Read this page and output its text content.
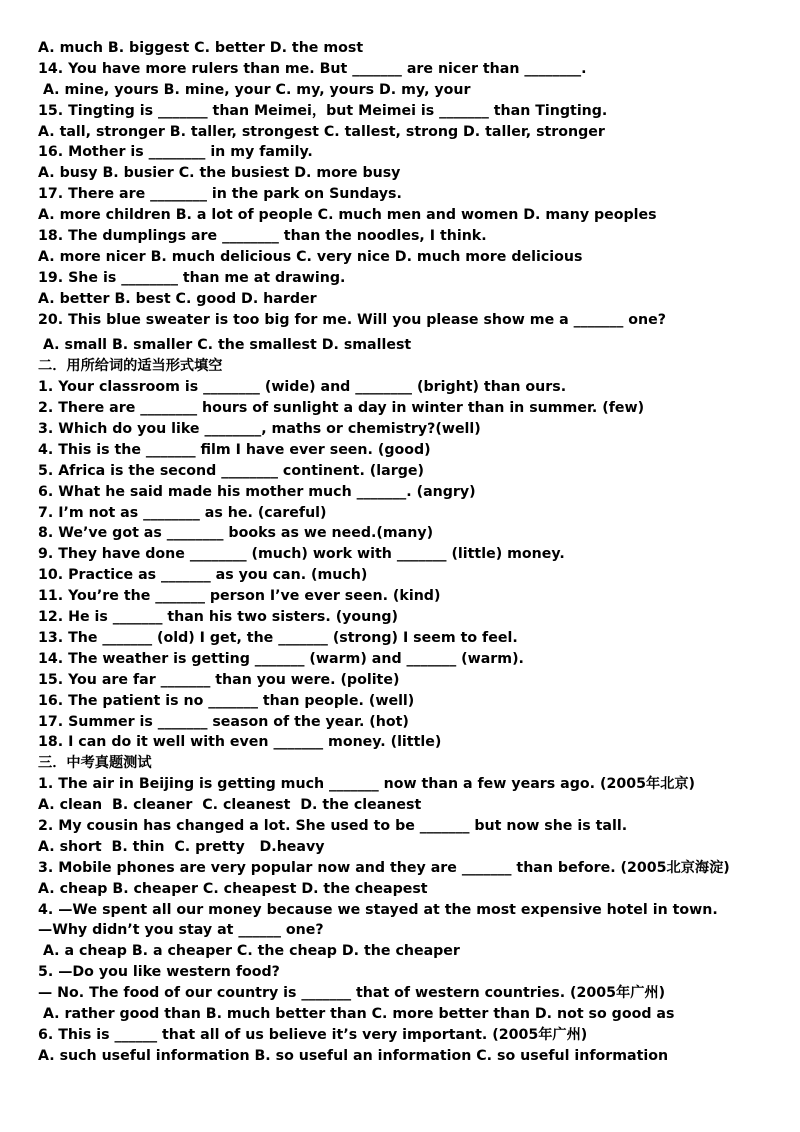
A. much B. biggest C. better D. the most
14. You have more rulers than me. But _______ are nicer than ________.
A. mine, yours B. mine, your C. my, yours D. my, your
15. Tingting is _______ than Meimei，but Meimei is _______ than Tingting.
A. tall, stronger B. taller, strongest C. tallest, strong D. taller, stronger
16. Mother is ________ in my family.
A. busy B. busier C. the busiest D. more busy
17. There are ________ in the park on Sundays.
A. more children B. a lot of people C. much men and women D. many peoples
18. The dumplings are ________ than the noodles, I think.
A. more nicer B. much delicious C. very nice D. much more delicious
19. She is ________ than me at drawing.
A. better B. best C. good D. harder
20. This blue sweater is too big for me. Will you please show me a _______ one?
A. small B. smaller C. the smallest D. smallest
二．用所给词的适当形式填空
1. Your classroom is ________ (wide) and ________ (bright) than ours.
2. There are ________ hours of sunlight a day in winter than in summer. (few)
3. Which do you like ________, maths or chemistry?(well)
4. This is the _______ film I have ever seen. (good)
5. Africa is the second ________ continent. (large)
6. What he said made his mother much _______. (angry)
7. I’m not as ________ as he. (careful)
8. We’ve got as ________ books as we need.(many)
9. They have done ________ (much) work with _______ (little) money.
10. Practice as _______ as you can. (much)
11. You’re the _______ person I’ve ever seen. (kind)
12. He is _______ than his two sisters. (young)
13. The _______ (old) I get, the _______ (strong) I seem to feel.
14. The weather is getting _______ (warm) and _______ (warm).
15. You are far _______ than you were. (polite)
16. The patient is no _______ than people. (well)
17. Summer is _______ season of the year. (hot)
18. I can do it well with even _______ money. (little)
三．中考真题测试
1. The air in Beijing is getting much _______ now than a few years ago. (2005年北京)
A. clean  B. cleaner  C. cleanest  D. the cleanest
2. My cousin has changed a lot. She used to be _______ but now she is tall.
A. short  B. thin  C. pretty   D.heavy
3. Mobile phones are very popular now and they are _______ than before. (2005北京海淀)
A. cheap B. cheaper C. cheapest D. the cheapest
4. —We spent all our money because we stayed at the most expensive hotel in town.
—Why didn’t you stay at ______ one?
A. a cheap B. a cheaper C. the cheap D. the cheaper
5. —Do you like western food?
— No. The food of our country is _______ that of western countries. (2005年广州)
A. rather good than B. much better than C. more better than D. not so good as
6. This is ______ that all of us believe it’s very important. (2005年广州)
A. such useful information B. so useful an information C. so useful information
